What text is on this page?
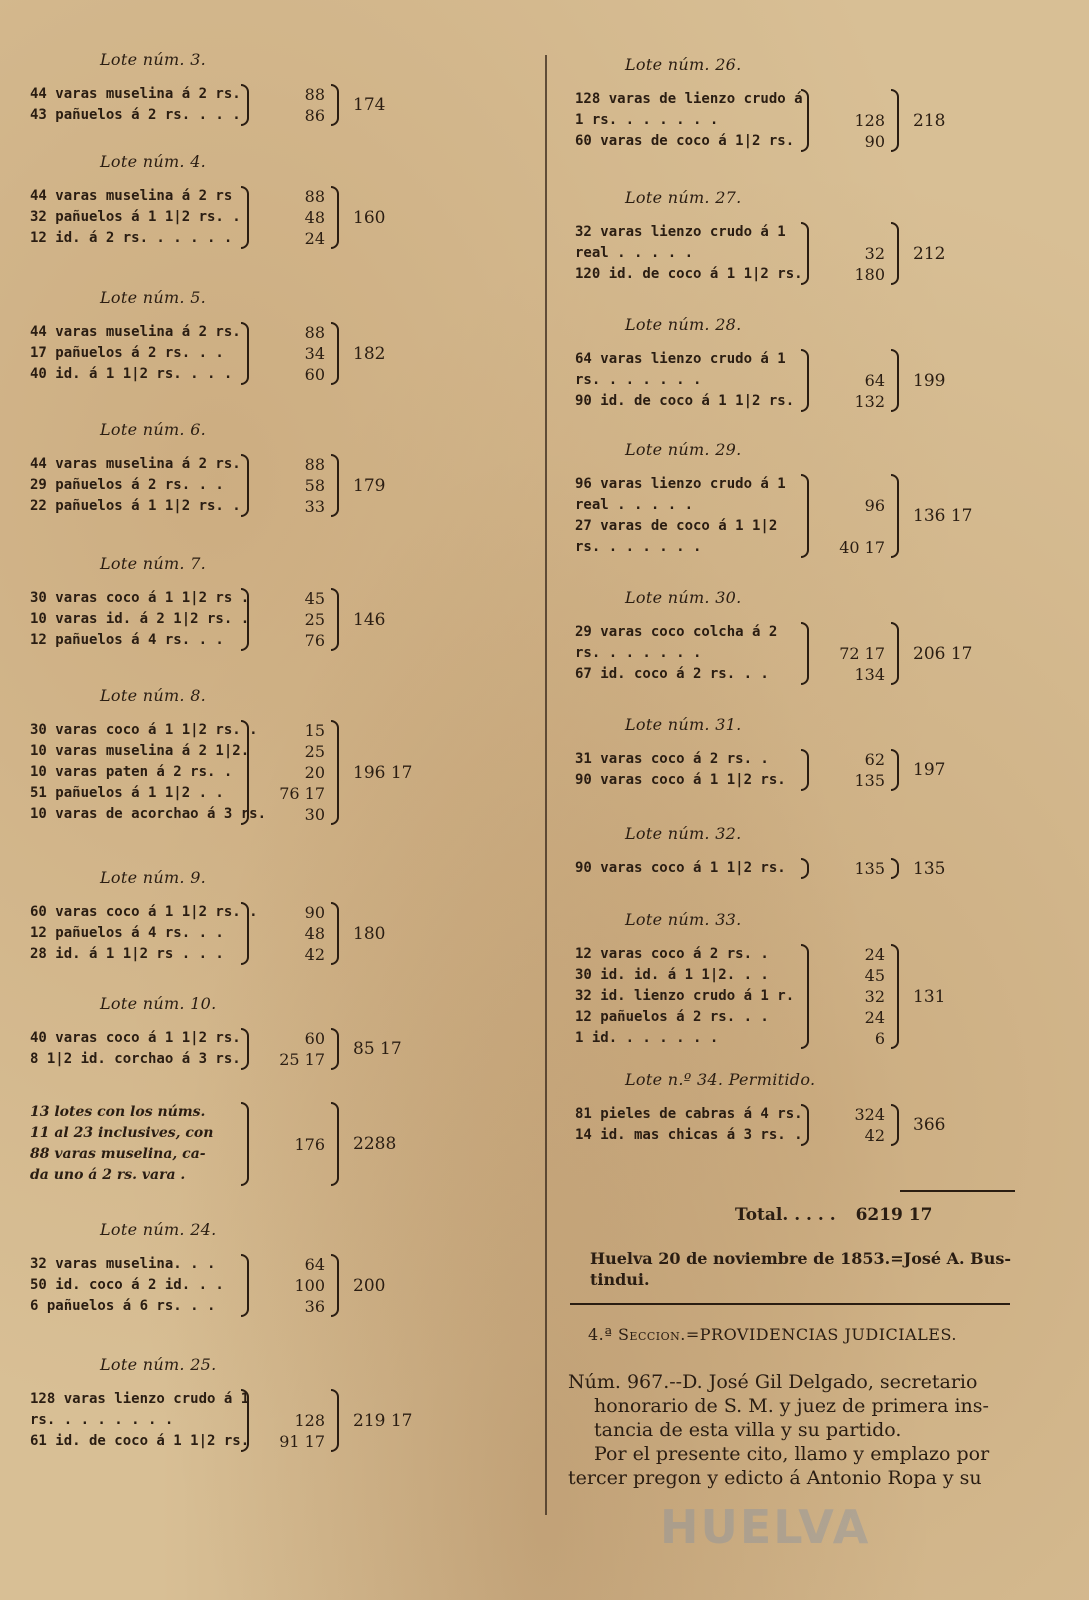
Lote núm. 3.
44 varas muselina á 2 rs.
43 pañuelos á 2 rs. . . .
88
86
174
Lote núm. 4.
44 varas muselina á 2 rs
32 pañuelos á 1 1|2 rs. .
12 id. á 2 rs. . . . . .
88
48
24
160
Lote núm. 5.
44 varas muselina á 2 rs.
17 pañuelos á 2 rs. . .
40 id. á 1 1|2 rs. . . .
88
34
60
182
Lote núm. 6.
44 varas muselina á 2 rs.
29 pañuelos á 2 rs. . .
22 pañuelos á 1 1|2 rs. .
88
58
33
179
Lote núm. 7.
30 varas coco á 1 1|2 rs .
10 varas id. á 2 1|2 rs. .
12 pañuelos á 4 rs. . .
45
25
76
146
Lote núm. 8.
30 varas coco á 1 1|2 rs. .
10 varas muselina á 2 1|2.
10 varas paten á 2 rs. .
51 pañuelos á 1 1|2 . .
10 varas de acorchao á 3 rs.
15
25
20
76 17
30
196 17
Lote núm. 9.
60 varas coco á 1 1|2 rs. .
12 pañuelos á 4 rs. . .
28 id. á 1 1|2 rs . . .
90
48
42
180
Lote núm. 10.
40 varas coco á 1 1|2 rs.
8 1|2 id. corchao á 3 rs.
60
25 17
85 17
13 lotes con los núms.
11 al 23 inclusives, con
88 varas muselina, ca-
da uno á 2 rs. vara .
176 2288
Lote núm. 24.
32 varas muselina. . .
50 id. coco á 2 id. . .
6 pañuelos á 6 rs. . .
64
100
36
200
Lote núm. 25.
128 varas lienzo crudo á 1
rs. . . . . . . .
61 id. de coco á 1 1|2 rs.

128
91 17
219 17
Lote núm. 26.
128 varas de lienzo crudo á
1 rs. . . . . . .
60 varas de coco á 1|2 rs.

128
90
218
Lote núm. 27.
32 varas lienzo crudo á 1
real . . . . .
120 id. de coco á 1 1|2 rs.

32
180
212
Lote núm. 28.
64 varas lienzo crudo á 1
rs. . . . . . .
90 id. de coco á 1 1|2 rs.

64
132
199
Lote núm. 29.
96 varas lienzo crudo á 1
real . . . . .
27 varas de coco á 1 1|2
rs. . . . . . .

96

40 17
136 17
Lote núm. 30.
29 varas coco colcha á 2
rs. . . . . . .
67 id. coco á 2 rs. . .

72 17
134
206 17
Lote núm. 31.
31 varas coco á 2 rs. .
90 varas coco á 1 1|2 rs.
62
135
197
Lote núm. 32.
90 varas coco á 1 1|2 rs.	135 135
Lote núm. 33.
12 varas coco á 2 rs. .
30 id. id. á 1 1|2. . .
32 id. lienzo crudo á 1 r.
12 pañuelos á 2 rs. . .
1 id. . . . . . .
24
45
32
24
6
131
Lote n.º 34. Permitido.
81 pieles de cabras á 4 rs.
14 id. mas chicas á 3 rs. .
324
42
366
Total. . . . . 6219 17
Huelva 20 de noviembre de 1853.=José A. Bus-
tindui.
4.ª Seccion.=PROVIDENCIAS JUDICIALES.
Núm. 967.--D. José Gil Delgado, secretario
honorario de S. M. y juez de primera ins-
tancia de esta villa y su partido.
Por el presente cito, llamo y emplazo por
tercer pregon y edicto á Antonio Ropa y su
HUELVA
